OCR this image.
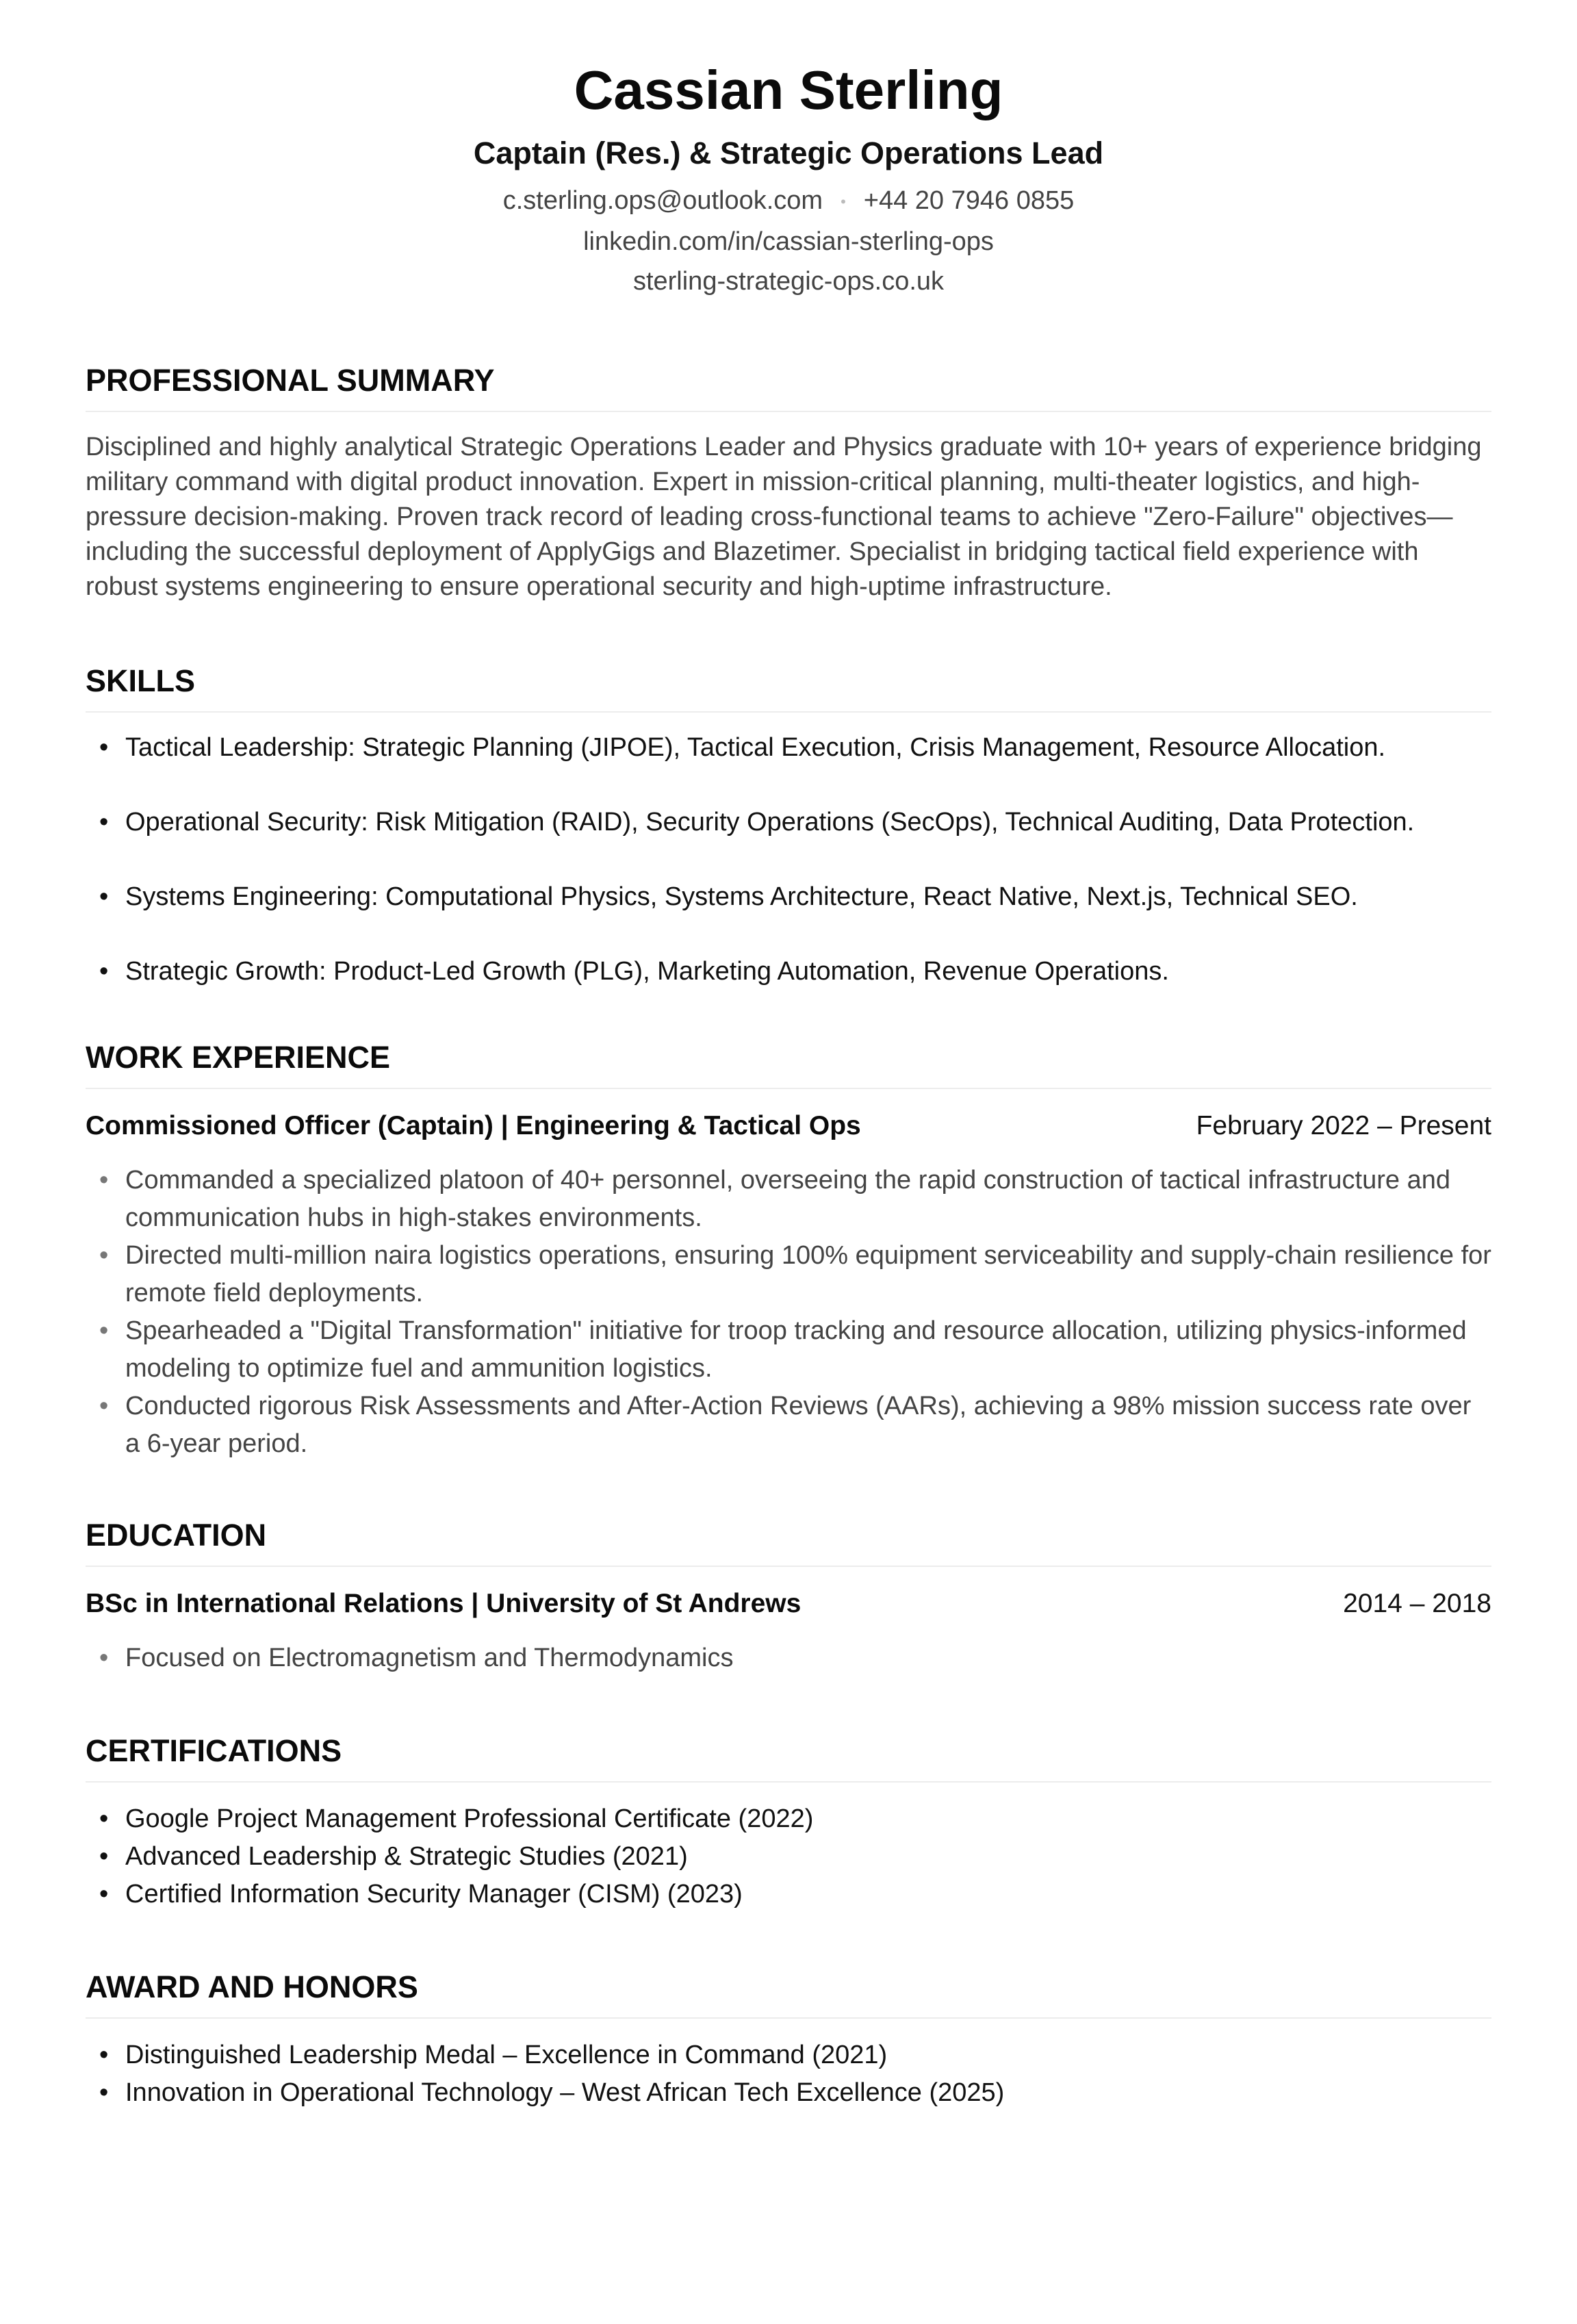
Cassian Sterling
Captain (Res.) & Strategic Operations Lead
c.sterling.ops@outlook.com • +44 20 7946 0855
linkedin.com/in/cassian-sterling-ops
sterling-strategic-ops.co.uk
PROFESSIONAL SUMMARY
Disciplined and highly analytical Strategic Operations Leader and Physics graduate with 10+ years of experience bridging military command with digital product innovation. Expert in mission-critical planning, multi-theater logistics, and high-pressure decision-making. Proven track record of leading cross-functional teams to achieve "Zero-Failure" objectives—including the successful deployment of ApplyGigs and Blazetimer. Specialist in bridging tactical field experience with robust systems engineering to ensure operational security and high-uptime infrastructure.
SKILLS
• Tactical Leadership: Strategic Planning (JIPOE), Tactical Execution, Crisis Management, Resource Allocation.
• Operational Security: Risk Mitigation (RAID), Security Operations (SecOps), Technical Auditing, Data Protection.
• Systems Engineering: Computational Physics, Systems Architecture, React Native, Next.js, Technical SEO.
• Strategic Growth: Product-Led Growth (PLG), Marketing Automation, Revenue Operations.
WORK EXPERIENCE
Commissioned Officer (Captain) | Engineering & Tactical Ops	February 2022 – Present
• Commanded a specialized platoon of 40+ personnel, overseeing the rapid construction of tactical infrastructure and communication hubs in high-stakes environments.
• Directed multi-million naira logistics operations, ensuring 100% equipment serviceability and supply-chain resilience for remote field deployments.
• Spearheaded a "Digital Transformation" initiative for troop tracking and resource allocation, utilizing physics-informed modeling to optimize fuel and ammunition logistics.
• Conducted rigorous Risk Assessments and After-Action Reviews (AARs), achieving a 98% mission success rate over a 6-year period.
EDUCATION
BSc in International Relations | University of St Andrews	2014 – 2018
• Focused on Electromagnetism and Thermodynamics
CERTIFICATIONS
• Google Project Management Professional Certificate (2022)
• Advanced Leadership & Strategic Studies (2021)
• Certified Information Security Manager (CISM) (2023)
AWARD AND HONORS
• Distinguished Leadership Medal – Excellence in Command (2021)
• Innovation in Operational Technology – West African Tech Excellence (2025)
